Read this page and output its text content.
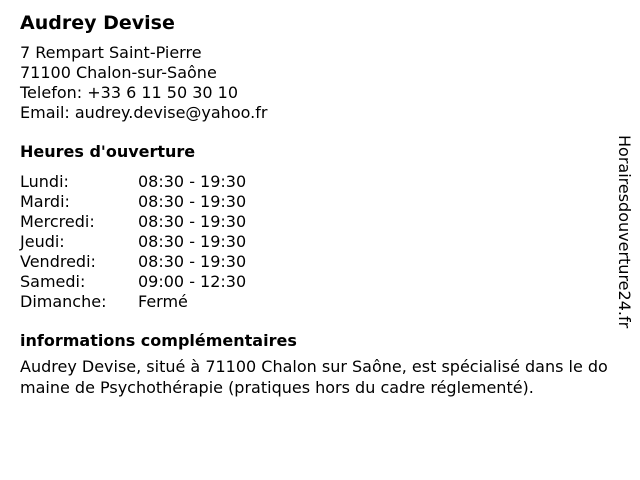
Audrey Devise
7 Rempart Saint-Pierre
71100 Chalon-sur-Saône
Telefon: +33 6 11 50 30 10
Email: audrey.devise@yahoo.fr
Heures d'ouverture
Lundi:	08:30 - 19:30
Mardi:	08:30 - 19:30
Mercredi:	08:30 - 19:30
Jeudi:	08:30 - 19:30
Vendredi:	08:30 - 19:30
Samedi:	09:00 - 12:30
Dimanche:	Fermé
informations complémentaires
Audrey Devise, situé à 71100 Chalon sur Saône, est spécialisé dans le domaine de Psychothérapie (pratiques hors du cadre réglementé).
Horairesdouverture24.fr
